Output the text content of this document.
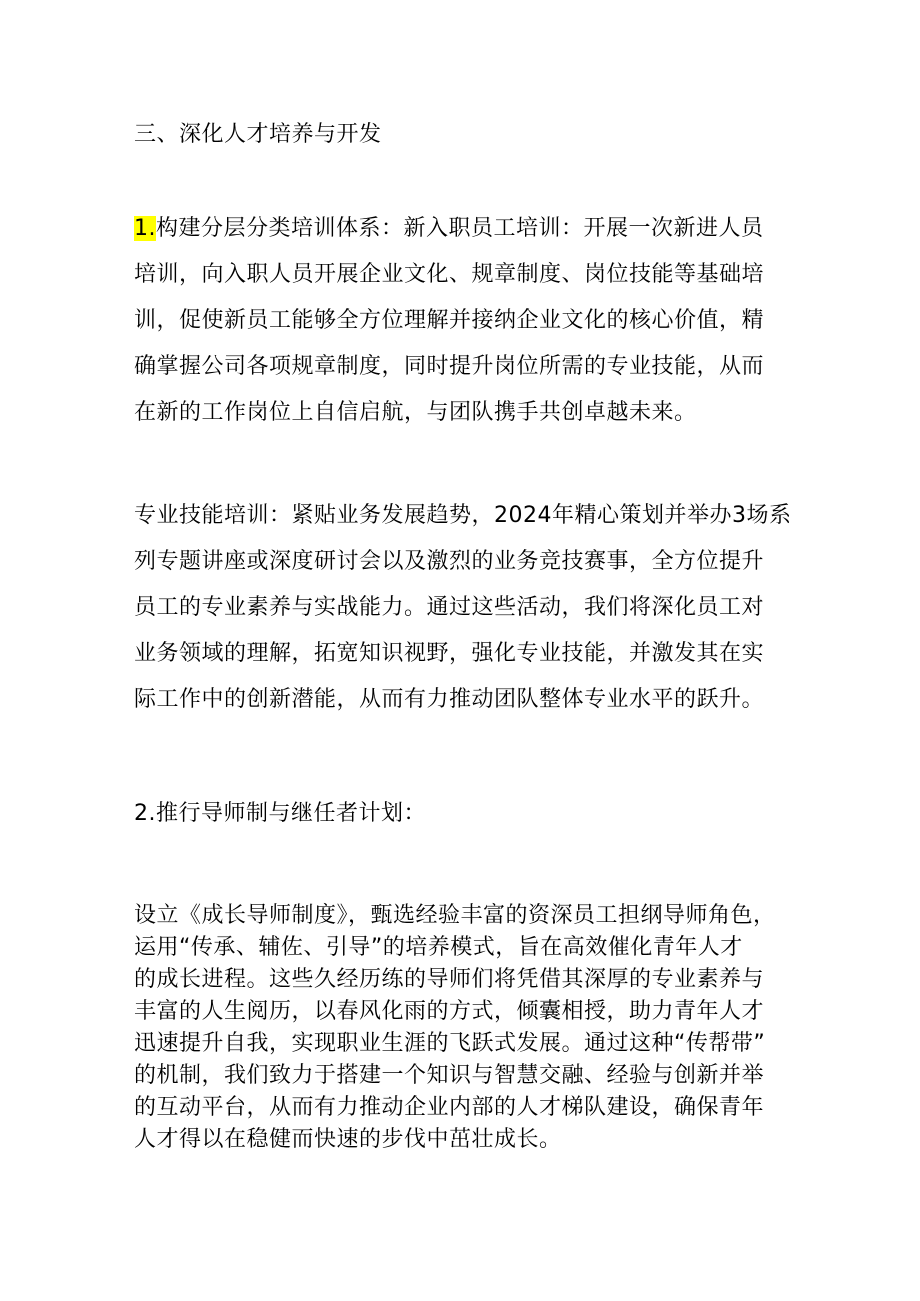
三、深化人才培养与开发
1.构建分层分类培训体系：新入职员工培训：开展一次新进人员
培训，向入职人员开展企业文化、规章制度、岗位技能等基础培
训，促使新员工能够全方位理解并接纳企业文化的核心价值，精
确掌握公司各项规章制度，同时提升岗位所需的专业技能，从而
在新的工作岗位上自信启航，与团队携手共创卓越未来。
专业技能培训：紧贴业务发展趋势，2024年精心策划并举办3场系
列专题讲座或深度研讨会以及激烈的业务竞技赛事，全方位提升
员工的专业素养与实战能力。通过这些活动，我们将深化员工对
业务领域的理解，拓宽知识视野，强化专业技能，并激发其在实
际工作中的创新潜能，从而有力推动团队整体专业水平的跃升。
2.推行导师制与继任者计划：
设立《成长导师制度》，甄选经验丰富的资深员工担纲导师角色，
运用“传承、辅佐、引导”的培养模式，旨在高效催化青年人才
的成长进程。这些久经历练的导师们将凭借其深厚的专业素养与
丰富的人生阅历，以春风化雨的方式，倾囊相授，助力青年人才
迅速提升自我，实现职业生涯的飞跃式发展。通过这种“传帮带”
的机制，我们致力于搭建一个知识与智慧交融、经验与创新并举
的互动平台，从而有力推动企业内部的人才梯队建设，确保青年
人才得以在稳健而快速的步伐中茁壮成长。
